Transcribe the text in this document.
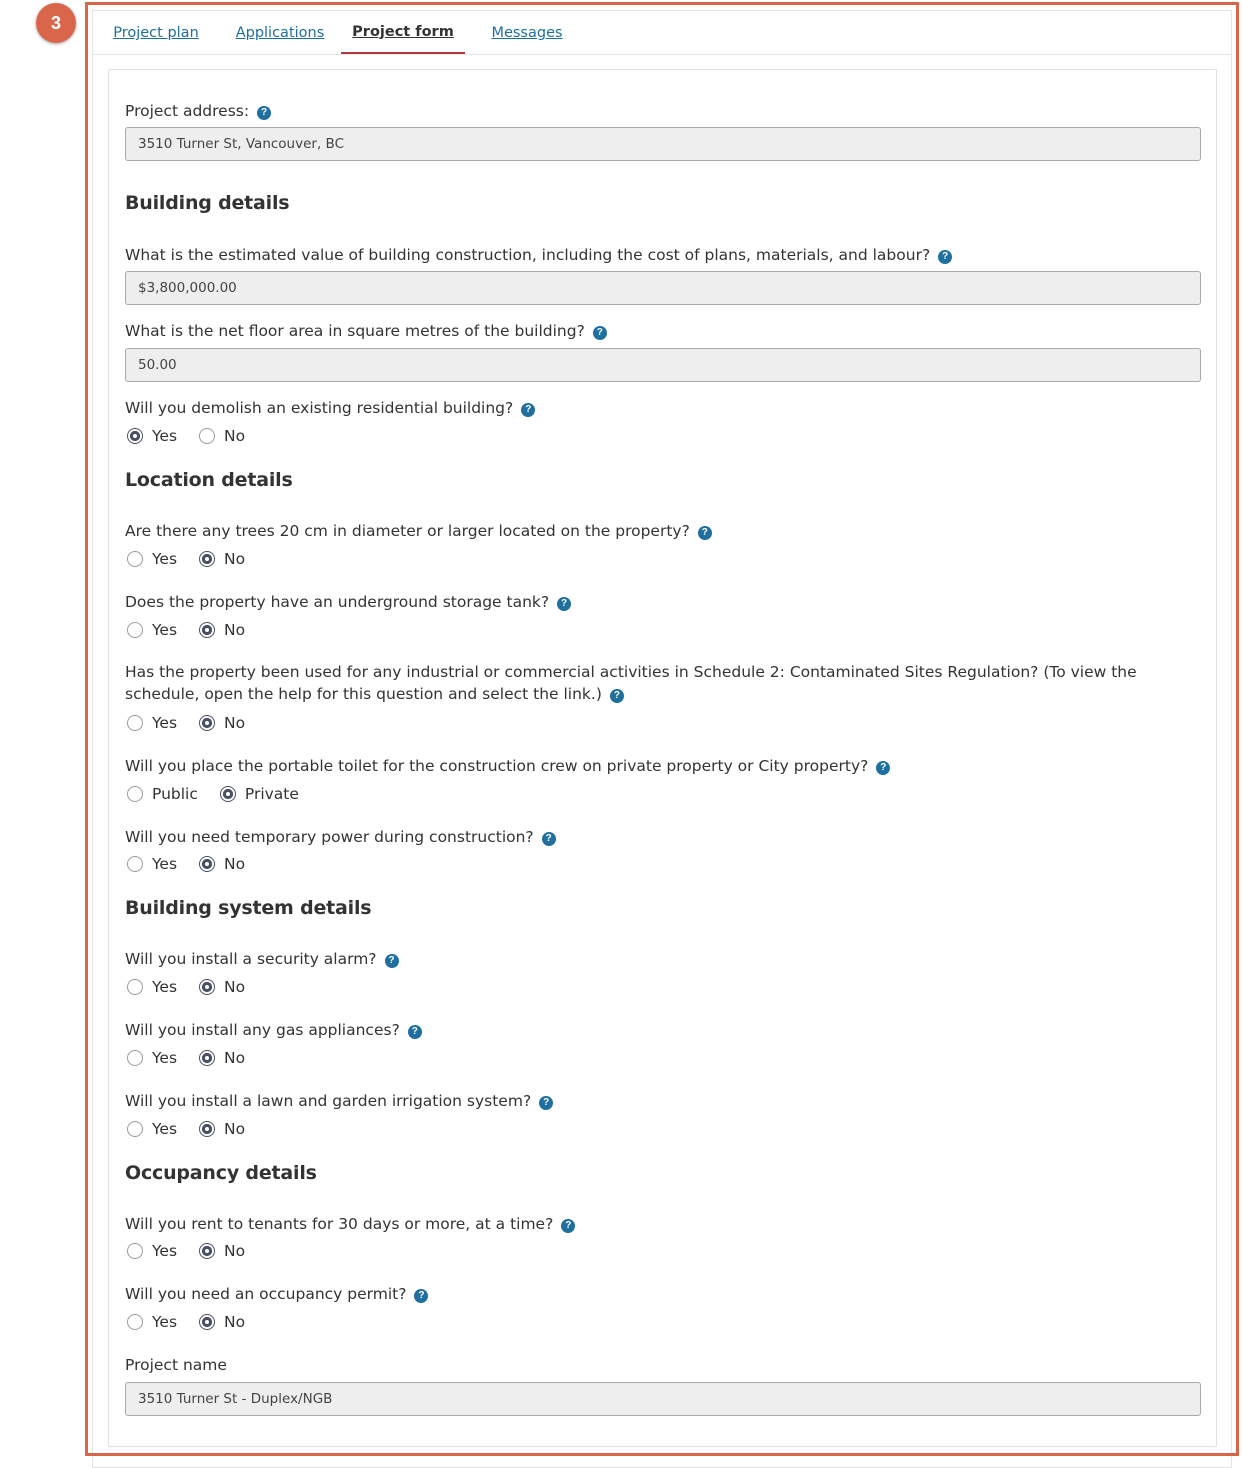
3
Project plan	Applications	Project form	Messages
Project address: ?
3510 Turner St, Vancouver, BC
Building details
What is the estimated value of building construction, including the cost of plans, materials, and labour? ?
$3,800,000.00
What is the net floor area in square metres of the building? ?
50.00
Will you demolish an existing residential building? ?
Yes	No
Location details
Are there any trees 20 cm in diameter or larger located on the property? ?
Yes	No
Does the property have an underground storage tank? ?
Yes	No
Has the property been used for any industrial or commercial activities in Schedule 2: Contaminated Sites Regulation? (To view the schedule, open the help for this question and select the link.) ?
Yes	No
Will you place the portable toilet for the construction crew on private property or City property? ?
Public	Private
Will you need temporary power during construction? ?
Yes	No
Building system details
Will you install a security alarm? ?
Yes	No
Will you install any gas appliances? ?
Yes	No
Will you install a lawn and garden irrigation system? ?
Yes	No
Occupancy details
Will you rent to tenants for 30 days or more, at a time? ?
Yes	No
Will you need an occupancy permit? ?
Yes	No
Project name
3510 Turner St - Duplex/NGB
